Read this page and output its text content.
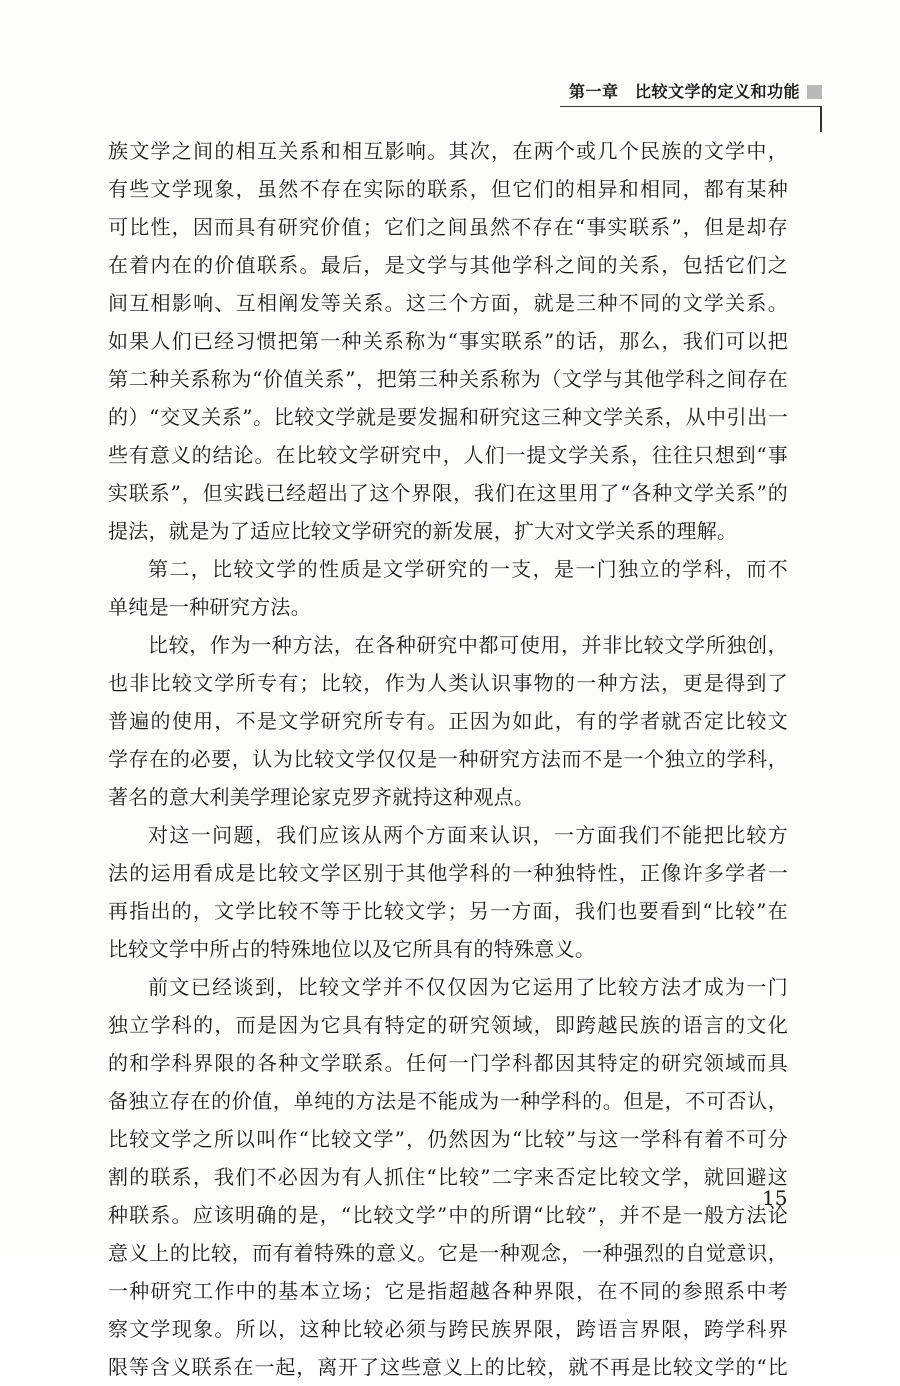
第一章　 比较文学的定义和功能

族文学之间的相互关系和相互影响。其次，在两个或几个民族的文学中，

有些文学现象，虽然不存在实际的联系，但它们的相异和相同，都有某种

可比性，因而具有研究价值；它们之间虽然不存在“事实联系”，但是却存

在着内在的价值联系。最后，是文学与其他学科之间的关系，包括它们之

间互相影响、互相阐发等关系。这三个方面，就是三种不同的文学关系。

如果人们已经习惯把第一种关系称为“事实联系”的话，那么，我们可以把

第二种关系称为“价值关系”，把第三种关系称为（文学与其他学科之间存在

的）“交叉关系”。比较文学就是要发掘和研究这三种文学关系，从中引出一

些有意义的结论。在比较文学研究中，人们一提文学关系，往往只想到“事

实联系”，但实践已经超出了这个界限，我们在这里用了“各种文学关系”的

提法，就是为了适应比较文学研究的新发展，扩大对文学关系的理解。

第二，比较文学的性质是文学研究的一支，是一门独立的学科，而不

单纯是一种研究方法。

比较，作为一种方法，在各种研究中都可使用，并非比较文学所独创，

也非比较文学所专有；比较，作为人类认识事物的一种方法，更是得到了

普遍的使用，不是文学研究所专有。正因为如此，有的学者就否定比较文

学存在的必要，认为比较文学仅仅是一种研究方法而不是一个独立的学科，

著名的意大利美学理论家克罗齐就持这种观点。

对这一问题，我们应该从两个方面来认识，一方面我们不能把比较方

法的运用看成是比较文学区别于其他学科的一种独特性，正像许多学者一

再指出的，文学比较不等于比较文学；另一方面，我们也要看到“比较”在

比较文学中所占的特殊地位以及它所具有的特殊意义。

前文已经谈到，比较文学并不仅仅因为它运用了比较方法才成为一门

独立学科的，而是因为它具有特定的研究领域，即跨越民族的语言的文化

的和学科界限的各种文学联系。任何一门学科都因其特定的研究领域而具

备独立存在的价值，单纯的方法是不能成为一种学科的。但是，不可否认，

比较文学之所以叫作“比较文学”，仍然因为“比较”与这一学科有着不可分

割的联系，我们不必因为有人抓住“比较”二字来否定比较文学，就回避这

种联系。应该明确的是，“比较文学”中的所谓“比较”，并不是一般方法论

意义上的比较，而有着特殊的意义。它是一种观念，一种强烈的自觉意识，

一种研究工作中的基本立场；它是指超越各种界限，在不同的参照系中考

察文学现象。所以，这种比较必须与跨民族界限，跨语言界限，跨学科界

限等含义联系在一起，离开了这些意义上的比较，就不再是比较文学的“比

15
